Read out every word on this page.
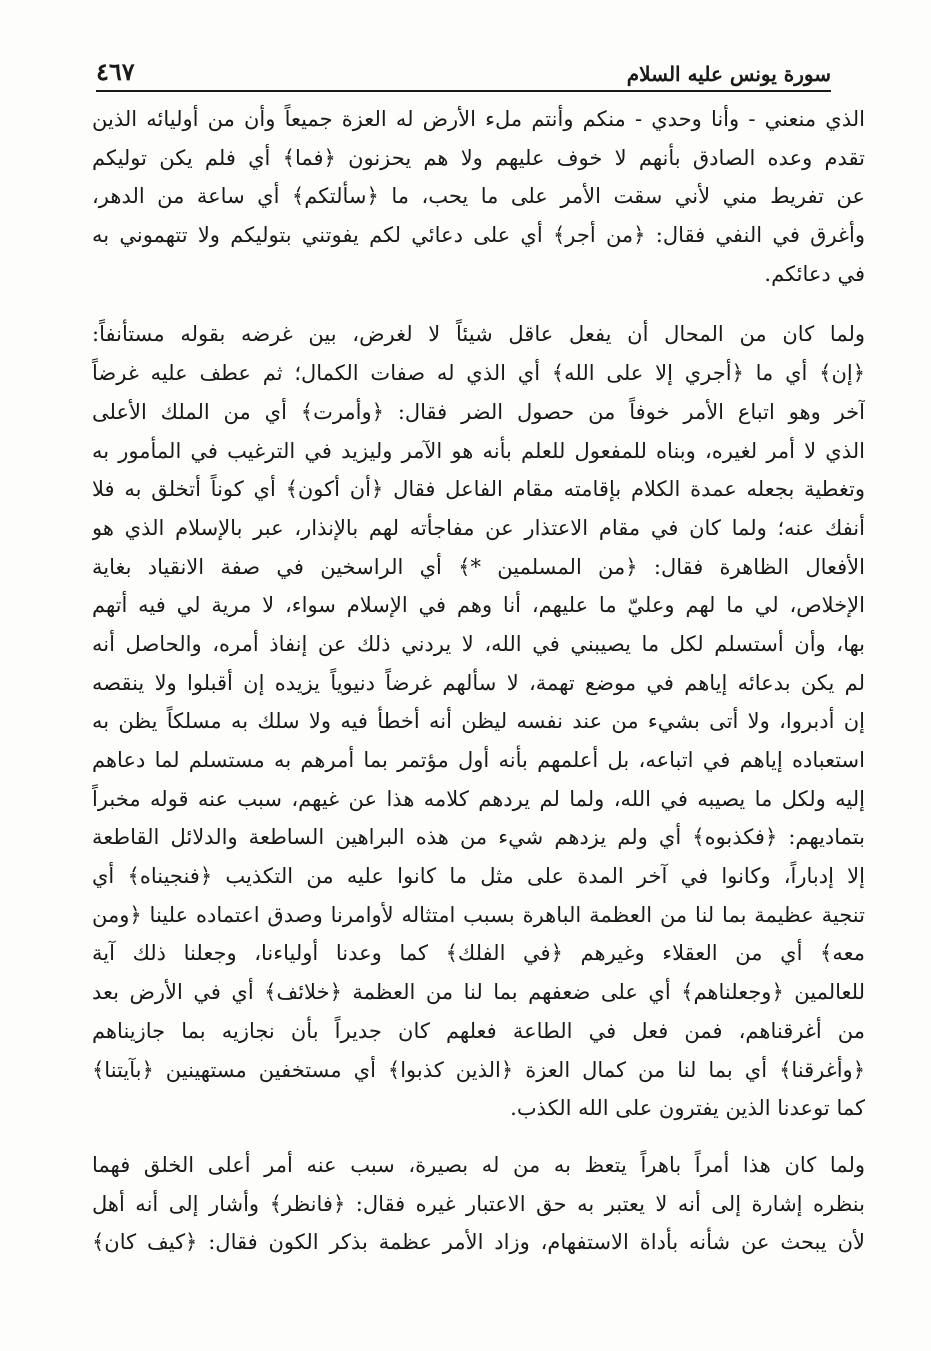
٤٦٧	سورة يونس عليه السلام
الذي منعني - وأنا وحدي - منكم وأنتم ملء الأرض له العزة جميعاً وأن من أوليائه الذين
تقدم وعده الصادق بأنهم لا خوف عليهم ولا هم يحزنون ﴿فما﴾ أي فلم يكن توليكم
عن تفريط مني لأني سقت الأمر على ما يحب، ما ﴿سألتكم﴾ أي ساعة من الدهر،
وأغرق في النفي فقال: ﴿من أجر﴾ أي على دعائي لكم يفوتني بتوليكم ولا تتهموني به
في دعائكم.
ولما كان من المحال أن يفعل عاقل شيئاً لا لغرض، بين غرضه بقوله مستأنفاً:
﴿إن﴾ أي ما ﴿أجري إلا على الله﴾ أي الذي له صفات الكمال؛ ثم عطف عليه غرضاً
آخر وهو اتباع الأمر خوفاً من حصول الضر فقال: ﴿وأمرت﴾ أي من الملك الأعلى
الذي لا أمر لغيره، وبناه للمفعول للعلم بأنه هو الآمر وليزيد في الترغيب في المأمور به
وتغطية بجعله عمدة الكلام بإقامته مقام الفاعل فقال ﴿أن أكون﴾ أي كوناً أتخلق به فلا
أنفك عنه؛ ولما كان في مقام الاعتذار عن مفاجأته لهم بالإنذار، عبر بالإسلام الذي هو
الأفعال الظاهرة فقال: ﴿من المسلمين *﴾ أي الراسخين في صفة الانقياد بغاية
الإخلاص، لي ما لهم وعليّ ما عليهم، أنا وهم في الإسلام سواء، لا مرية لي فيه أتهم
بها، وأن أستسلم لكل ما يصيبني في الله، لا يردني ذلك عن إنفاذ أمره، والحاصل أنه
لم يكن بدعائه إياهم في موضع تهمة، لا سألهم غرضاً دنيوياً يزيده إن أقبلوا ولا ينقصه
إن أدبروا، ولا أتى بشيء من عند نفسه ليظن أنه أخطأ فيه ولا سلك به مسلكاً يظن به
استعباده إياهم في اتباعه، بل أعلمهم بأنه أول مؤتمر بما أمرهم به مستسلم لما دعاهم
إليه ولكل ما يصيبه في الله، ولما لم يردهم كلامه هذا عن غيهم، سبب عنه قوله مخبراً
بتماديهم: ﴿فكذبوه﴾ أي ولم يزدهم شيء من هذه البراهين الساطعة والدلائل القاطعة
إلا إدباراً، وكانوا في آخر المدة على مثل ما كانوا عليه من التكذيب ﴿فنجيناه﴾ أي
تنجية عظيمة بما لنا من العظمة الباهرة بسبب امتثاله لأوامرنا وصدق اعتماده علينا ﴿ومن
معه﴾ أي من العقلاء وغيرهم ﴿في الفلك﴾ كما وعدنا أولياءنا، وجعلنا ذلك آية
للعالمين ﴿وجعلناهم﴾ أي على ضعفهم بما لنا من العظمة ﴿خلائف﴾ أي في الأرض بعد
من أغرقناهم، فمن فعل في الطاعة فعلهم كان جديراً بأن نجازيه بما جازيناهم
﴿وأغرقنا﴾ أي بما لنا من كمال العزة ﴿الذين كذبوا﴾ أي مستخفين مستهينين ﴿بآيتنا﴾
كما توعدنا الذين يفترون على الله الكذب.
ولما كان هذا أمراً باهراً يتعظ به من له بصيرة، سبب عنه أمر أعلى الخلق فهما
بنظره إشارة إلى أنه لا يعتبر به حق الاعتبار غيره فقال: ﴿فانظر﴾ وأشار إلى أنه أهل
لأن يبحث عن شأنه بأداة الاستفهام، وزاد الأمر عظمة بذكر الكون فقال: ﴿كيف كان﴾
